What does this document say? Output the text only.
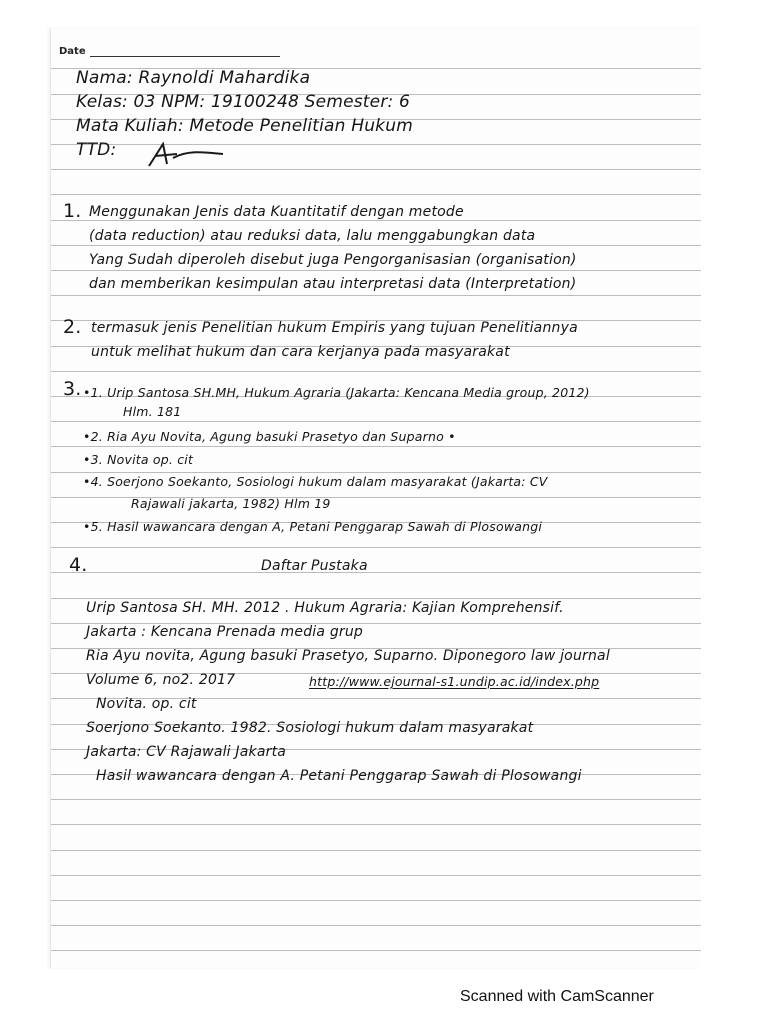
Date
Nama: Raynoldi Mahardika
Kelas: 03 NPM: 19100248 Semester: 6
Mata Kuliah: Metode Penelitian Hukum
TTD:
1. Menggunakan Jenis data Kuantitatif dengan metode
(data reduction) atau reduksi data, lalu menggabungkan data
Yang Sudah diperoleh disebut juga Pengorganisasian (organisation)
dan memberikan kesimpulan atau interpretasi data (Interpretation)
2. termasuk jenis Penelitian hukum Empiris yang tujuan Penelitiannya
untuk melihat hukum dan cara kerjanya pada masyarakat
3. •1. Urip Santosa SH.MH, Hukum Agraria (Jakarta: Kencana Media group, 2012)
Hlm. 181
•2. Ria Ayu Novita, Agung basuki Prasetyo dan Suparno •
•3. Novita op. cit
•4. Soerjono Soekanto, Sosiologi hukum dalam masyarakat (Jakarta: CV
Rajawali jakarta, 1982) Hlm 19
•5. Hasil wawancara dengan A, Petani Penggarap Sawah di Plosowangi
4.	Daftar Pustaka
Urip Santosa SH. MH. 2012 . Hukum Agraria: Kajian Komprehensif.
Jakarta : Kencana Prenada media grup
Ria Ayu novita, Agung basuki Prasetyo, Suparno. Diponegoro law journal
Volume 6, no2. 2017	http://www.ejournal-s1.undip.ac.id/index.php
Novita. op. cit
Soerjono Soekanto. 1982. Sosiologi hukum dalam masyarakat
Jakarta: CV Rajawali Jakarta
Hasil wawancara dengan A. Petani Penggarap Sawah di Plosowangi
Scanned with CamScanner
